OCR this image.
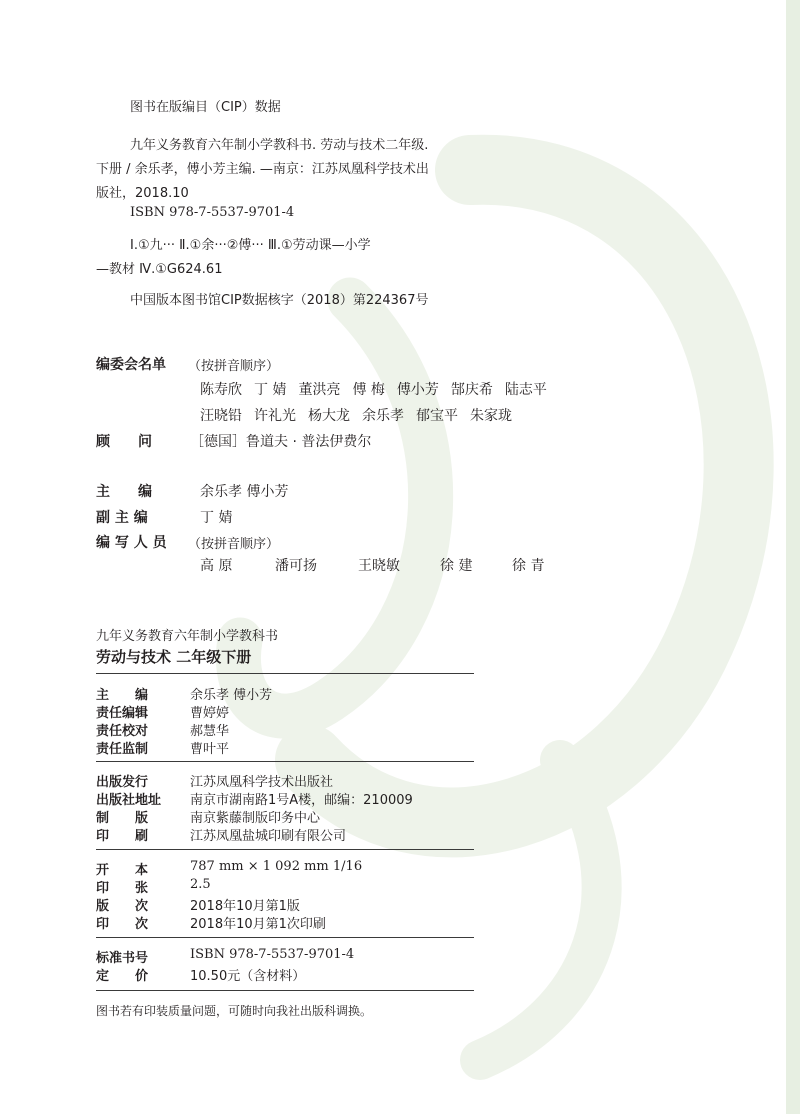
图书在版编目（CIP）数据
九年义务教育六年制小学教科书. 劳动与技术二年级.
下册 / 余乐孝，傅小芳主编. —南京：江苏凤凰科学技术出
版社，2018.10
ISBN 978-7-5537-9701-4
Ⅰ.①九··· Ⅱ.①余···②傅··· Ⅲ.①劳动课—小学
—教材 Ⅳ.①G624.61
中国版本图书馆CIP数据核字（2018）第224367号
编委会名单 （按拼音顺序）
陈寿欣 丁 婧 董洪亮 傅 梅 傅小芳 郜庆希 陆志平
汪晓铅 许礼光 杨大龙 余乐孝 郁宝平 朱家珑
顾　　问	［德国］鲁道夫 · 普法伊费尔
主　　编	余乐孝 傅小芳
副 主 编	丁 婧
编 写 人 员 （按拼音顺序）
高 原	潘可扬	王晓敏	徐 建	徐 青
九年义务教育六年制小学教科书
劳动与技术 二年级下册
主　　编	余乐孝 傅小芳
责任编辑	曹婷婷
责任校对	郝慧华
责任监制	曹叶平
出版发行	江苏凤凰科学技术出版社
出版社地址 南京市湖南路1号A楼，邮编：210009
制　　版	南京紫藤制版印务中心
印　　刷	江苏凤凰盐城印刷有限公司
开　　本	787 mm × 1 092 mm 1/16
印　　张	2.5
版　　次	2018年10月第1版
印　　次	2018年10月第1次印刷
标准书号	ISBN 978-7-5537-9701-4
定　　价	10.50元（含材料）
图书若有印装质量问题，可随时向我社出版科调换。
